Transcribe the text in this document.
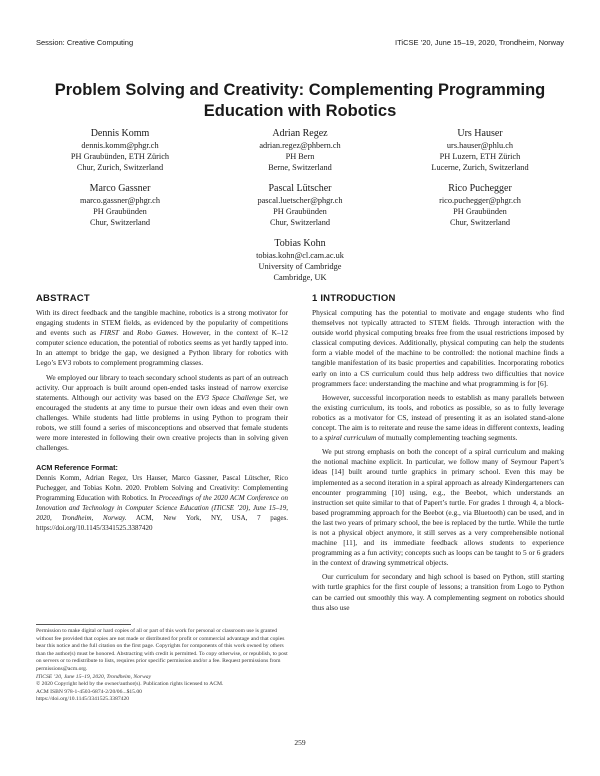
Session: Creative Computing	ITiCSE ’20, June 15–19, 2020, Trondheim, Norway
Problem Solving and Creativity: Complementing Programming
Education with Robotics
Dennis Komm
dennis.komm@phgr.ch
PH Graubünden, ETH Zürich
Chur, Zurich, Switzerland
Adrian Regez
adrian.regez@phbern.ch
PH Bern
Berne, Switzerland
Urs Hauser
urs.hauser@phlu.ch
PH Luzern, ETH Zürich
Lucerne, Zurich, Switzerland
Marco Gassner
marco.gassner@phgr.ch
PH Graubünden
Chur, Switzerland
Pascal Lütscher
pascal.luetscher@phgr.ch
PH Graubünden
Chur, Switzerland
Rico Puchegger
rico.puchegger@phgr.ch
PH Graubünden
Chur, Switzerland
Tobias Kohn
tobias.kohn@cl.cam.ac.uk
University of Cambridge
Cambridge, UK
ABSTRACT

With its direct feedback and the tangible machine, robotics is a strong motivator for engaging students in STEM fields, as evidenced by the popularity of competitions and events such as FIRST and Robo Games. However, in the context of K–12 computer science education, the potential of robotics seems as yet hardly tapped into. In an attempt to bridge the gap, we designed a Python library for robotics with Lego’s EV3 robots to complement programming classes.

We employed our library to teach secondary school students as part of an outreach activity. Our approach is built around open-ended tasks instead of narrow exercise statements. Although our activity was based on the EV3 Space Challenge Set, we encouraged the students at any time to pursue their own ideas and even their own challenges. While students had little problems in using Python to program their robots, we still found a series of misconceptions and observed that female students were more interested in following their own creative projects than in solving given challenges.

ACM Reference Format:
Dennis Komm, Adrian Regez, Urs Hauser, Marco Gassner, Pascal Lütscher, Rico Puchegger, and Tobias Kohn. 2020. Problem Solving and Creativity: Complementing Programming Education with Robotics. In Proceedings of the 2020 ACM Conference on Innovation and Technology in Computer Science Education (ITiCSE ’20), June 15–19, 2020, Trondheim, Norway. ACM, New York, NY, USA, 7 pages. https://doi.org/10.1145/3341525.3387420
Permission to make digital or hard copies of all or part of this work for personal or classroom use is granted without fee provided that copies are not made or distributed for profit or commercial advantage and that copies bear this notice and the full citation on the first page. Copyrights for components of this work owned by others than the author(s) must be honored. Abstracting with credit is permitted. To copy otherwise, or republish, to post on servers or to redistribute to lists, requires prior specific permission and/or a fee. Request permissions from permissions@acm.org.
ITiCSE ’20, June 15–19, 2020, Trondheim, Norway
© 2020 Copyright held by the owner/author(s). Publication rights licensed to ACM.
ACM ISBN 978-1-4503-6874-2/20/06...$15.00
https://doi.org/10.1145/3341525.3387420
1 INTRODUCTION

Physical computing has the potential to motivate and engage students who find themselves not typically attracted to STEM fields. Through interaction with the outside world physical computing breaks free from the usual restrictions imposed by classical computing devices. Additionally, physical computing can help the students form a viable model of the machine to be controlled: the notional machine finds a tangible manifestation of its basic properties and capabilities. Incorporating robotics early on into a CS curriculum could thus help address two difficulties that novice programmers face: understanding the machine and what programming is for [6].

However, successful incorporation needs to establish as many parallels between the existing curriculum, its tools, and robotics as possible, so as to fully leverage robotics as a motivator for CS, instead of presenting it as an isolated stand-alone concept. The aim is to reiterate and reuse the same ideas in different contexts, leading to a spiral curriculum of mutually complementing teaching segments.

We put strong emphasis on both the concept of a spiral curriculum and making the notional machine explicit. In particular, we follow many of Seymour Papert’s ideas [14] built around turtle graphics in primary school. Even this may be implemented as a second iteration in a spiral approach as already Kindergarteners can encounter programming [10] using, e.g., the Beebot, which understands an instruction set quite similar to that of Papert’s turtle. For grades 1 through 4, a block-based programming approach for the Beebot (e.g., via Bluetooth) can be used, and in the last two years of primary school, the bee is replaced by the turtle. While the turtle is not a physical object anymore, it still serves as a very comprehensible notional machine [11], and its immediate feedback allows students to experience programming as a fun activity; concepts such as loops can be taught to 5 or 6 graders in the context of drawing symmetrical objects.

Our curriculum for secondary and high school is based on Python, still starting with turtle graphics for the first couple of lessons; a transition from Logo to Python can be carried out smoothly this way. A complementing segment on robotics should thus also use

259
